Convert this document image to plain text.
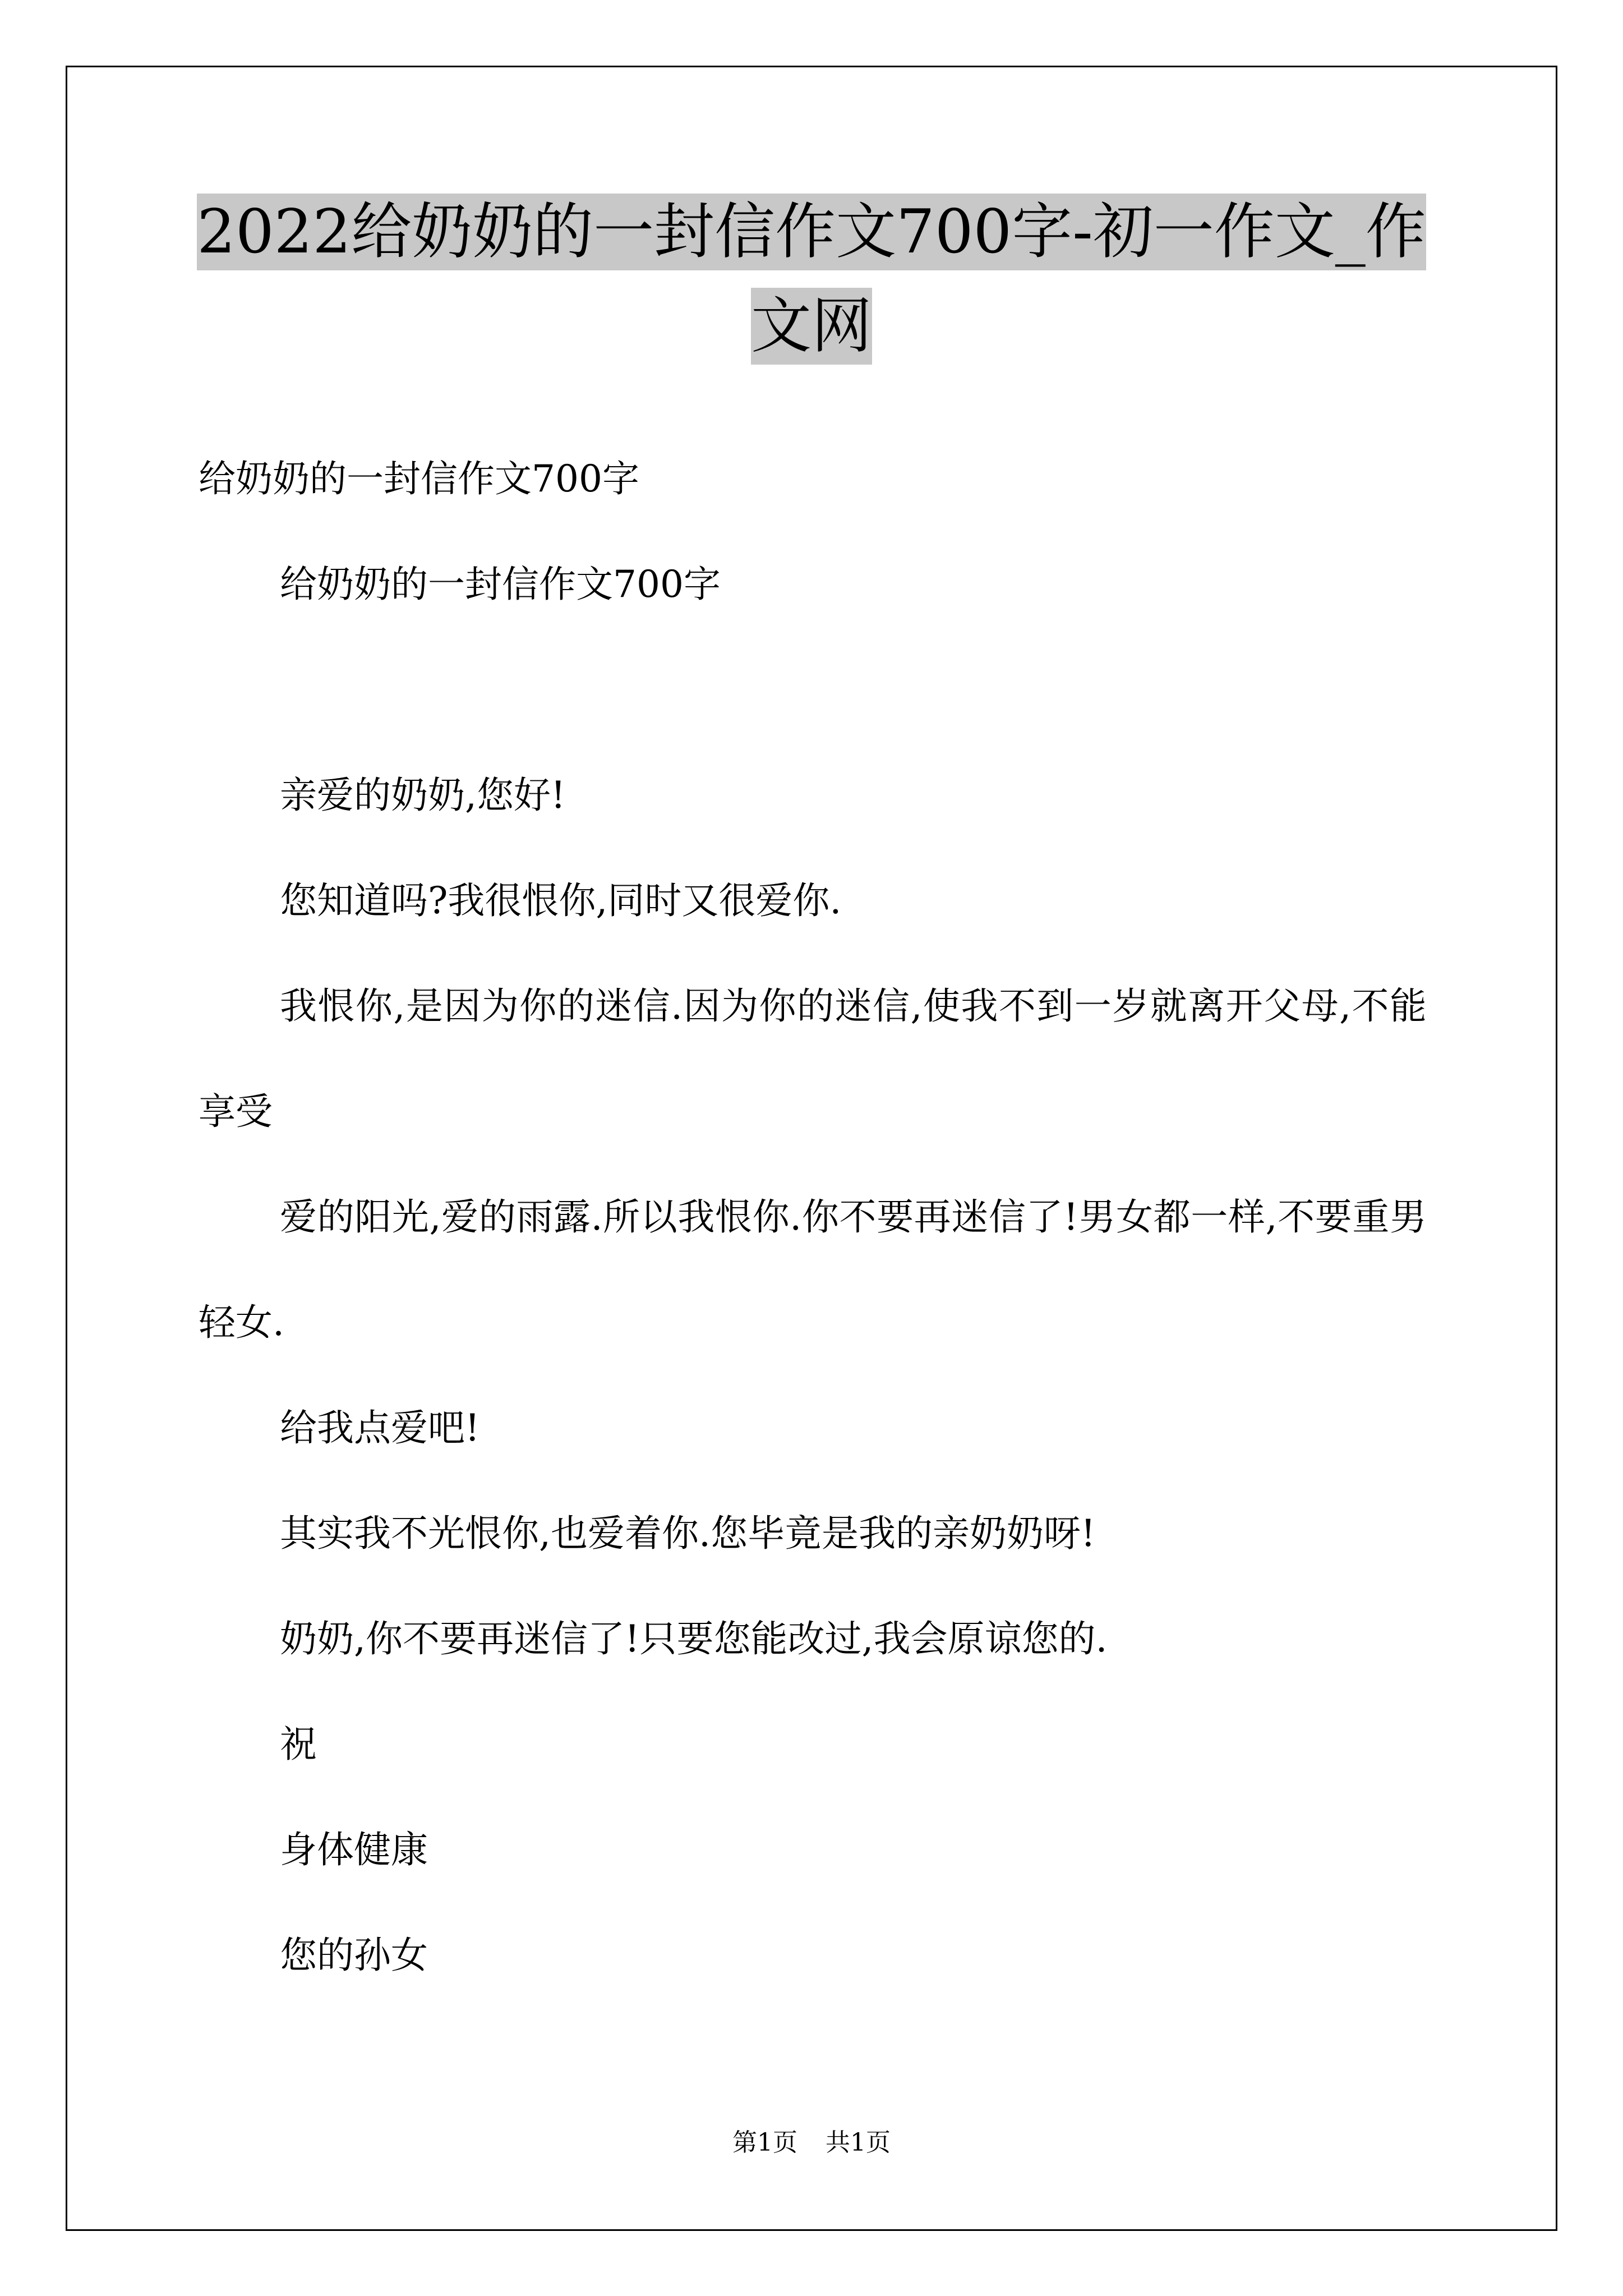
2022给奶奶的一封信作文700字-初一作文_作文网

给奶奶的一封信作文700字

给奶奶的一封信作文700字

亲爱的奶奶,您好!

您知道吗?我很恨你,同时又很爱你.

我恨你,是因为你的迷信.因为你的迷信,使我不到一岁就离开父母,不能享受

爱的阳光,爱的雨露.所以我恨你.你不要再迷信了!男女都一样,不要重男轻女.

给我点爱吧!

其实我不光恨你,也爱着你.您毕竟是我的亲奶奶呀!

奶奶,你不要再迷信了!只要您能改过,我会原谅您的.

祝

身体健康

您的孙女

第1页 共1页
